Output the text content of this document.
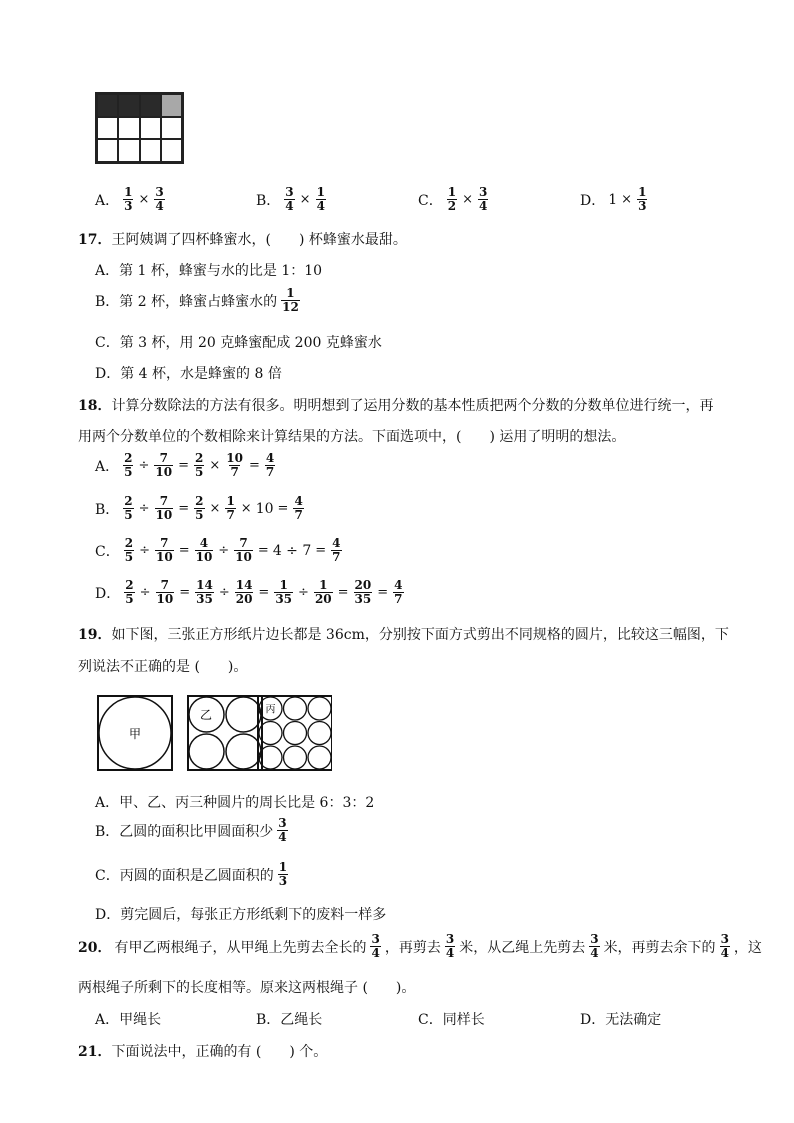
A． $\frac{1}{3} \times \frac{3}{4}$	B． $\frac{3}{4} \times \frac{1}{4}$	C． $\frac{1}{2} \times \frac{3}{4}$	D． $1 \times \frac{1}{3}$
17．王阿姨调了四杯蜂蜜水，(　　) 杯蜂蜜水最甜。
A．第 1 杯，蜂蜜与水的比是 1：10
B．第 2 杯，蜂蜜占蜂蜜水的 $\frac{1}{12}$
C．第 3 杯，用 20 克蜂蜜配成 200 克蜂蜜水
D．第 4 杯，水是蜂蜜的 8 倍
18．计算分数除法的方法有很多。明明想到了运用分数的基本性质把两个分数的分数单位进行统一，再
用两个分数单位的个数相除来计算结果的方法。下面选项中，(　　) 运用了明明的想法。
A． $\frac{2}{5} \div \frac{7}{10} = \frac{2}{5} \times \frac{10}{7} = \frac{4}{7}$
B． $\frac{2}{5} \div \frac{7}{10} = \frac{2}{5} \times \frac{1}{7} \times 10 = \frac{4}{7}$
C． $\frac{2}{5} \div \frac{7}{10} = \frac{4}{10} \div \frac{7}{10} = 4 \div 7 = \frac{4}{7}$
D． $\frac{2}{5} \div \frac{7}{10} = \frac{14}{35} \div \frac{14}{20} = \frac{1}{35} \div \frac{1}{20} = \frac{20}{35} = \frac{4}{7}$
19．如下图，三张正方形纸片边长都是 36cm，分别按下面方式剪出不同规格的圆片，比较这三幅图，下
列说法不正确的是 (　　)。
甲
乙	丙
A．甲、乙、丙三种圆片的周长比是 6：3：2
B．乙圆的面积比甲圆面积少 $\frac{3}{4}$
C．丙圆的面积是乙圆面积的 $\frac{1}{3}$
D．剪完圆后，每张正方形纸剩下的废料一样多
20． 有甲乙两根绳子，从甲绳上先剪去全长的 $\frac{3}{4}$ ，再剪去 $\frac{3}{4}$ 米，从乙绳上先剪去 $\frac{3}{4}$ 米，再剪去余下的 $\frac{3}{4}$ ，这
两根绳子所剩下的长度相等。原来这两根绳子 (　　)。
A．甲绳长	B．乙绳长	C．同样长	D．无法确定
21．下面说法中，正确的有 (　　) 个。
